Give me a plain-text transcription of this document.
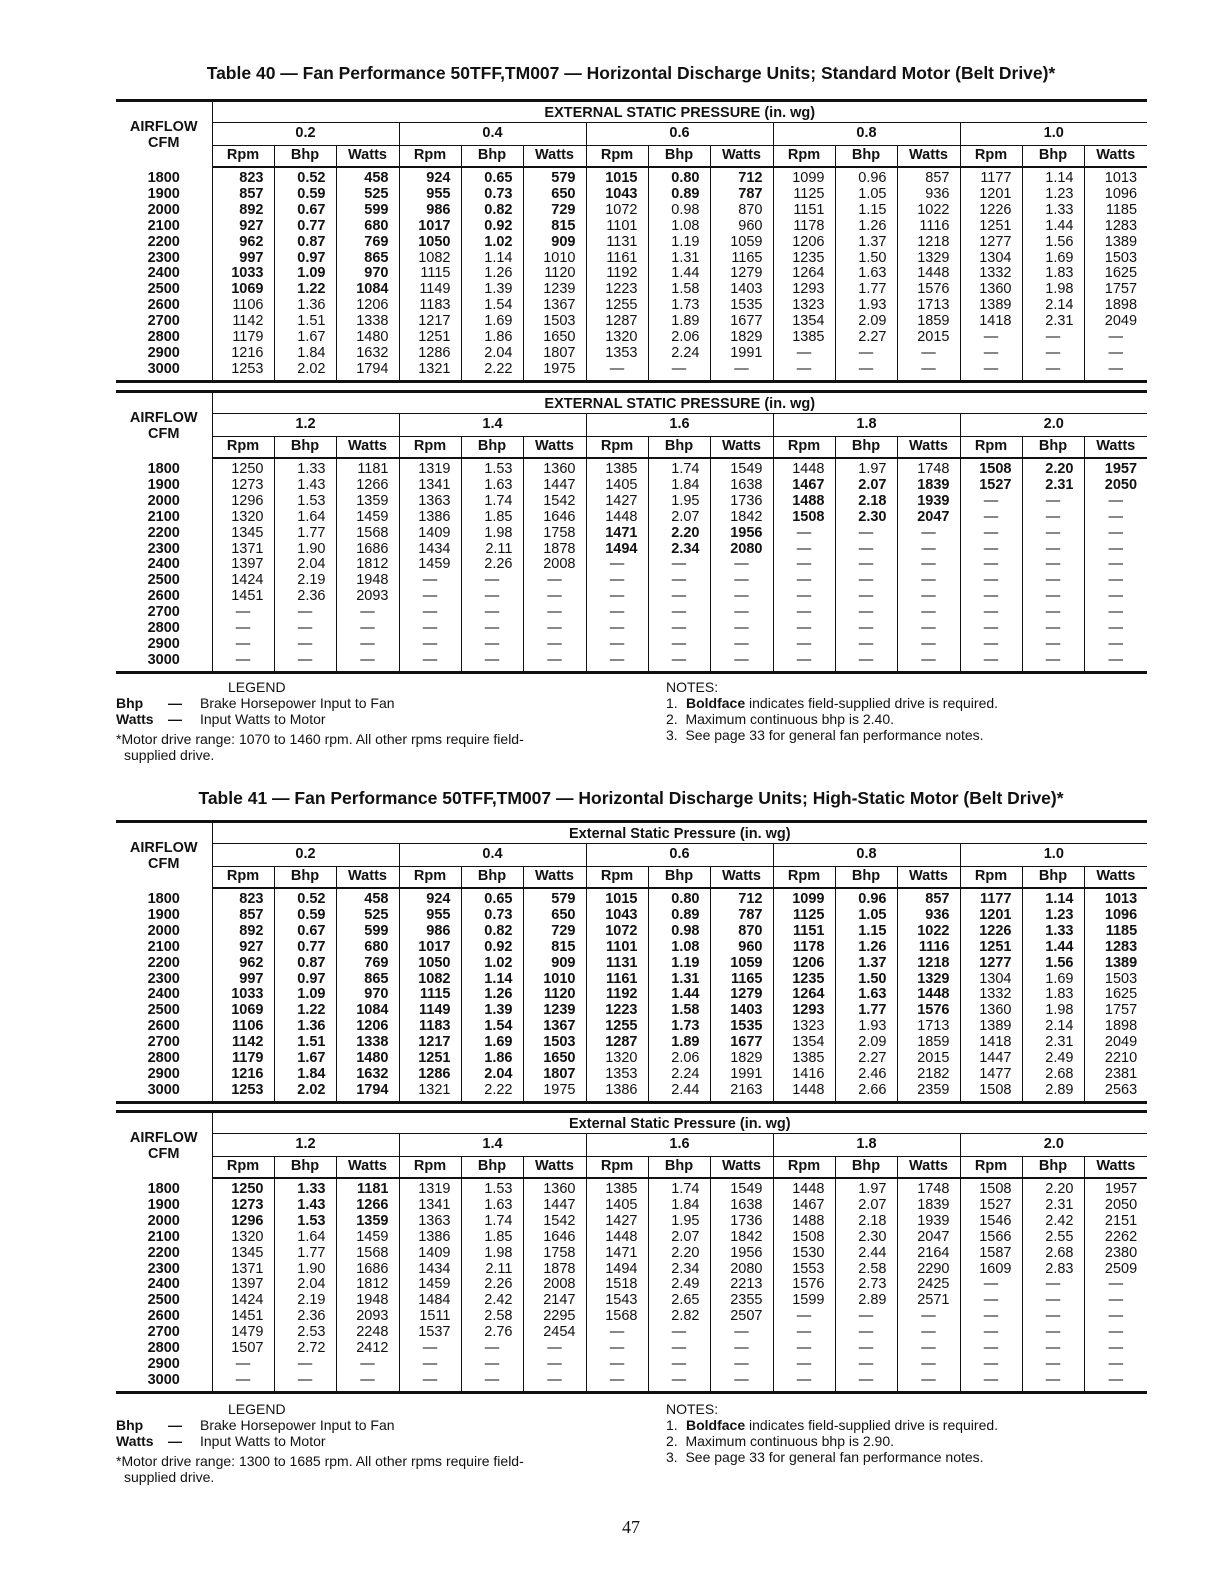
Table 40 — Fan Performance 50TFF,TM007 — Horizontal Discharge Units; Standard Motor (Belt Drive)*
AIRFLOW
CFM	EXTERNAL STATIC PRESSURE (in. wg)														
	0.2			0.4			0.6			0.8			1.0		
	Rpm	Bhp	Watts	Rpm	Bhp	Watts	Rpm	Bhp	Watts	Rpm	Bhp	Watts	Rpm	Bhp	Watts
1800	823	0.52	458	924	0.65	579	1015	0.80	712	1099	0.96	857	1177	1.14	1013
1900	857	0.59	525	955	0.73	650	1043	0.89	787	1125	1.05	936	1201	1.23	1096
2000	892	0.67	599	986	0.82	729	1072	0.98	870	1151	1.15	1022	1226	1.33	1185
2100	927	0.77	680	1017	0.92	815	1101	1.08	960	1178	1.26	1116	1251	1.44	1283
2200	962	0.87	769	1050	1.02	909	1131	1.19	1059	1206	1.37	1218	1277	1.56	1389
2300	997	0.97	865	1082	1.14	1010	1161	1.31	1165	1235	1.50	1329	1304	1.69	1503
2400	1033	1.09	970	1115	1.26	1120	1192	1.44	1279	1264	1.63	1448	1332	1.83	1625
2500	1069	1.22	1084	1149	1.39	1239	1223	1.58	1403	1293	1.77	1576	1360	1.98	1757
2600	1106	1.36	1206	1183	1.54	1367	1255	1.73	1535	1323	1.93	1713	1389	2.14	1898
2700	1142	1.51	1338	1217	1.69	1503	1287	1.89	1677	1354	2.09	1859	1418	2.31	2049
2800	1179	1.67	1480	1251	1.86	1650	1320	2.06	1829	1385	2.27	2015	—	—	—
2900	1216	1.84	1632	1286	2.04	1807	1353	2.24	1991	—	—	—	—	—	—
3000	1253	2.02	1794	1321	2.22	1975	—	—	—	—	—	—	—	—	—
AIRFLOW
CFM	EXTERNAL STATIC PRESSURE (in. wg)														
	1.2			1.4			1.6			1.8			2.0		
	Rpm	Bhp	Watts	Rpm	Bhp	Watts	Rpm	Bhp	Watts	Rpm	Bhp	Watts	Rpm	Bhp	Watts
1800	1250	1.33	1181	1319	1.53	1360	1385	1.74	1549	1448	1.97	1748	1508	2.20	1957
1900	1273	1.43	1266	1341	1.63	1447	1405	1.84	1638	1467	2.07	1839	1527	2.31	2050
2000	1296	1.53	1359	1363	1.74	1542	1427	1.95	1736	1488	2.18	1939	—	—	—
2100	1320	1.64	1459	1386	1.85	1646	1448	2.07	1842	1508	2.30	2047	—	—	—
2200	1345	1.77	1568	1409	1.98	1758	1471	2.20	1956	—	—	—	—	—	—
2300	1371	1.90	1686	1434	2.11	1878	1494	2.34	2080	—	—	—	—	—	—
2400	1397	2.04	1812	1459	2.26	2008	—	—	—	—	—	—	—	—	—
2500	1424	2.19	1948	—	—	—	—	—	—	—	—	—	—	—	—
2600	1451	2.36	2093	—	—	—	—	—	—	—	—	—	—	—	—
2700	—	—	—	—	—	—	—	—	—	—	—	—	—	—	—
2800	—	—	—	—	—	—	—	—	—	—	—	—	—	—	—
2900	—	—	—	—	—	—	—	—	—	—	—	—	—	—	—
3000	—	—	—	—	—	—	—	—	—	—	—	—	—	—	—
LEGEND
Bhp — Brake Horsepower Input to Fan
Watts — Input Watts to Motor
*Motor drive range: 1070 to 1460 rpm. All other rpms require field-
supplied drive.
NOTES:
1. Boldface indicates field-supplied drive is required.
2.  Maximum continuous bhp is 2.40.
3.  See page 33 for general fan performance notes.
Table 41 — Fan Performance 50TFF,TM007 — Horizontal Discharge Units; High-Static Motor (Belt Drive)*
AIRFLOW
CFM	External Static Pressure (in. wg)														
	0.2			0.4			0.6			0.8			1.0		
	Rpm	Bhp	Watts	Rpm	Bhp	Watts	Rpm	Bhp	Watts	Rpm	Bhp	Watts	Rpm	Bhp	Watts
1800	823	0.52	458	924	0.65	579	1015	0.80	712	1099	0.96	857	1177	1.14	1013
1900	857	0.59	525	955	0.73	650	1043	0.89	787	1125	1.05	936	1201	1.23	1096
2000	892	0.67	599	986	0.82	729	1072	0.98	870	1151	1.15	1022	1226	1.33	1185
2100	927	0.77	680	1017	0.92	815	1101	1.08	960	1178	1.26	1116	1251	1.44	1283
2200	962	0.87	769	1050	1.02	909	1131	1.19	1059	1206	1.37	1218	1277	1.56	1389
2300	997	0.97	865	1082	1.14	1010	1161	1.31	1165	1235	1.50	1329	1304	1.69	1503
2400	1033	1.09	970	1115	1.26	1120	1192	1.44	1279	1264	1.63	1448	1332	1.83	1625
2500	1069	1.22	1084	1149	1.39	1239	1223	1.58	1403	1293	1.77	1576	1360	1.98	1757
2600	1106	1.36	1206	1183	1.54	1367	1255	1.73	1535	1323	1.93	1713	1389	2.14	1898
2700	1142	1.51	1338	1217	1.69	1503	1287	1.89	1677	1354	2.09	1859	1418	2.31	2049
2800	1179	1.67	1480	1251	1.86	1650	1320	2.06	1829	1385	2.27	2015	1447	2.49	2210
2900	1216	1.84	1632	1286	2.04	1807	1353	2.24	1991	1416	2.46	2182	1477	2.68	2381
3000	1253	2.02	1794	1321	2.22	1975	1386	2.44	2163	1448	2.66	2359	1508	2.89	2563
AIRFLOW
CFM	External Static Pressure (in. wg)														
	1.2			1.4			1.6			1.8			2.0		
	Rpm	Bhp	Watts	Rpm	Bhp	Watts	Rpm	Bhp	Watts	Rpm	Bhp	Watts	Rpm	Bhp	Watts
1800	1250	1.33	1181	1319	1.53	1360	1385	1.74	1549	1448	1.97	1748	1508	2.20	1957
1900	1273	1.43	1266	1341	1.63	1447	1405	1.84	1638	1467	2.07	1839	1527	2.31	2050
2000	1296	1.53	1359	1363	1.74	1542	1427	1.95	1736	1488	2.18	1939	1546	2.42	2151
2100	1320	1.64	1459	1386	1.85	1646	1448	2.07	1842	1508	2.30	2047	1566	2.55	2262
2200	1345	1.77	1568	1409	1.98	1758	1471	2.20	1956	1530	2.44	2164	1587	2.68	2380
2300	1371	1.90	1686	1434	2.11	1878	1494	2.34	2080	1553	2.58	2290	1609	2.83	2509
2400	1397	2.04	1812	1459	2.26	2008	1518	2.49	2213	1576	2.73	2425	—	—	—
2500	1424	2.19	1948	1484	2.42	2147	1543	2.65	2355	1599	2.89	2571	—	—	—
2600	1451	2.36	2093	1511	2.58	2295	1568	2.82	2507	—	—	—	—	—	—
2700	1479	2.53	2248	1537	2.76	2454	—	—	—	—	—	—	—	—	—
2800	1507	2.72	2412	—	—	—	—	—	—	—	—	—	—	—	—
2900	—	—	—	—	—	—	—	—	—	—	—	—	—	—	—
3000	—	—	—	—	—	—	—	—	—	—	—	—	—	—	—
LEGEND
Bhp — Brake Horsepower Input to Fan
Watts — Input Watts to Motor
*Motor drive range: 1300 to 1685 rpm. All other rpms require field-
supplied drive.
NOTES:
1. Boldface indicates field-supplied drive is required.
2.  Maximum continuous bhp is 2.90.
3.  See page 33 for general fan performance notes.
47
